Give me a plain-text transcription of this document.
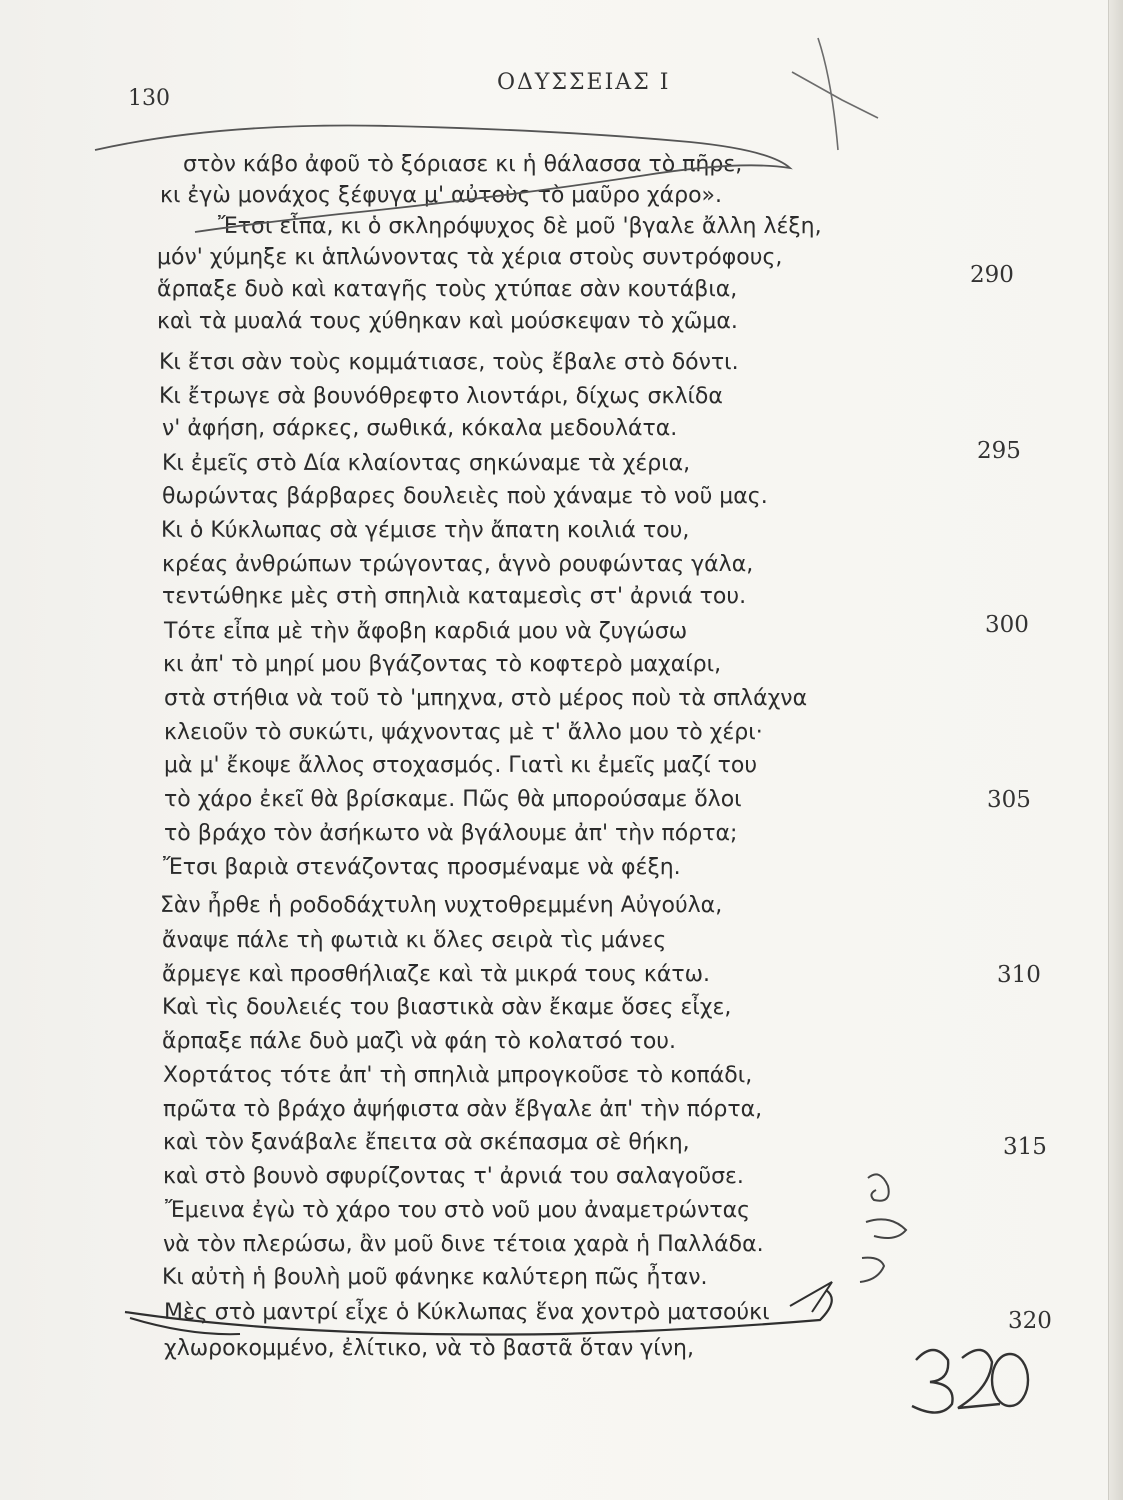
130
ΟΔΥΣΣΕΙΑΣ Ι
στὸν κάβο ἀφοῦ τὸ ξόριασε κι ἡ θάλασσα τὸ πῆρε,
κι ἐγὼ μονάχος ξέφυγα μ' αὐτοὺς τὸ μαῦρο χάρο».
Ἔτσι εἶπα, κι ὁ σκληρόψυχος δὲ μοῦ 'βγαλε ἄλλη λέξη,
μόν' χύμηξε κι ἁπλώνοντας τὰ χέρια στοὺς συντρόφους,
ἅρπαξε δυὸ καὶ καταγῆς τοὺς χτύπαε σὰν κουτάβια,
καὶ τὰ μυαλά τους χύθηκαν καὶ μούσκεψαν τὸ χῶμα.
Κι ἔτσι σὰν τοὺς κομμάτιασε, τοὺς ἔβαλε στὸ δόντι.
Κι ἔτρωγε σὰ βουνόθρεφτο λιοντάρι, δίχως σκλίδα
ν' ἀφήση, σάρκες, σωθικά, κόκαλα μεδουλάτα.
Κι ἐμεῖς στὸ Δία κλαίοντας σηκώναμε τὰ χέρια,
θωρώντας βάρβαρες δουλειὲς ποὺ χάναμε τὸ νοῦ μας.
Κι ὁ Κύκλωπας σὰ γέμισε τὴν ἄπατη κοιλιά του,
κρέας ἀνθρώπων τρώγοντας, ἁγνὸ ρουφώντας γάλα,
τεντώθηκε μὲς στὴ σπηλιὰ καταμεσὶς στ' ἀρνιά του.
Τότε εἶπα μὲ τὴν ἄφοβη καρδιά μου νὰ ζυγώσω
κι ἀπ' τὸ μηρί μου βγάζοντας τὸ κοφτερὸ μαχαίρι,
στὰ στήθια νὰ τοῦ τὸ 'μπηχνα, στὸ μέρος ποὺ τὰ σπλάχνα
κλειοῦν τὸ συκώτι, ψάχνοντας μὲ τ' ἄλλο μου τὸ χέρι·
μὰ μ' ἔκοψε ἄλλος στοχασμός. Γιατὶ κι ἐμεῖς μαζί του
τὸ χάρο ἐκεῖ θὰ βρίσκαμε. Πῶς θὰ μπορούσαμε ὅλοι
τὸ βράχο τὸν ἀσήκωτο νὰ βγάλουμε ἀπ' τὴν πόρτα;
Ἔτσι βαριὰ στενάζοντας προσμέναμε νὰ φέξη.
Σὰν ἦρθε ἡ ροδοδάχτυλη νυχτοθρεμμένη Αὐγούλα,
ἄναψε πάλε τὴ φωτιὰ κι ὅλες σειρὰ τὶς μάνες
ἄρμεγε καὶ προσθήλιαζε καὶ τὰ μικρά τους κάτω.
Καὶ τὶς δουλειές του βιαστικὰ σὰν ἔκαμε ὅσες εἶχε,
ἅρπαξε πάλε δυὸ μαζὶ νὰ φάη τὸ κολατσό του.
Χορτάτος τότε ἀπ' τὴ σπηλιὰ μπρογκοῦσε τὸ κοπάδι,
πρῶτα τὸ βράχο ἀψήφιστα σὰν ἔβγαλε ἀπ' τὴν πόρτα,
καὶ τὸν ξανάβαλε ἔπειτα σὰ σκέπασμα σὲ θήκη,
καὶ στὸ βουνὸ σφυρίζοντας τ' ἀρνιά του σαλαγοῦσε.
Ἔμεινα ἐγὼ τὸ χάρο του στὸ νοῦ μου ἀναμετρώντας
νὰ τὸν πλερώσω, ἂν μοῦ δινε τέτοια χαρὰ ἡ Παλλάδα.
Κι αὐτὴ ἡ βουλὴ μοῦ φάνηκε καλύτερη πῶς ἦταν.
Μὲς στὸ μαντρί εἶχε ὁ Κύκλωπας ἕνα χοντρὸ ματσούκι
χλωροκομμένο, ἐλίτικο, νὰ τὸ βαστᾶ ὅταν γίνη,
290
295
300
305
310
315
320
